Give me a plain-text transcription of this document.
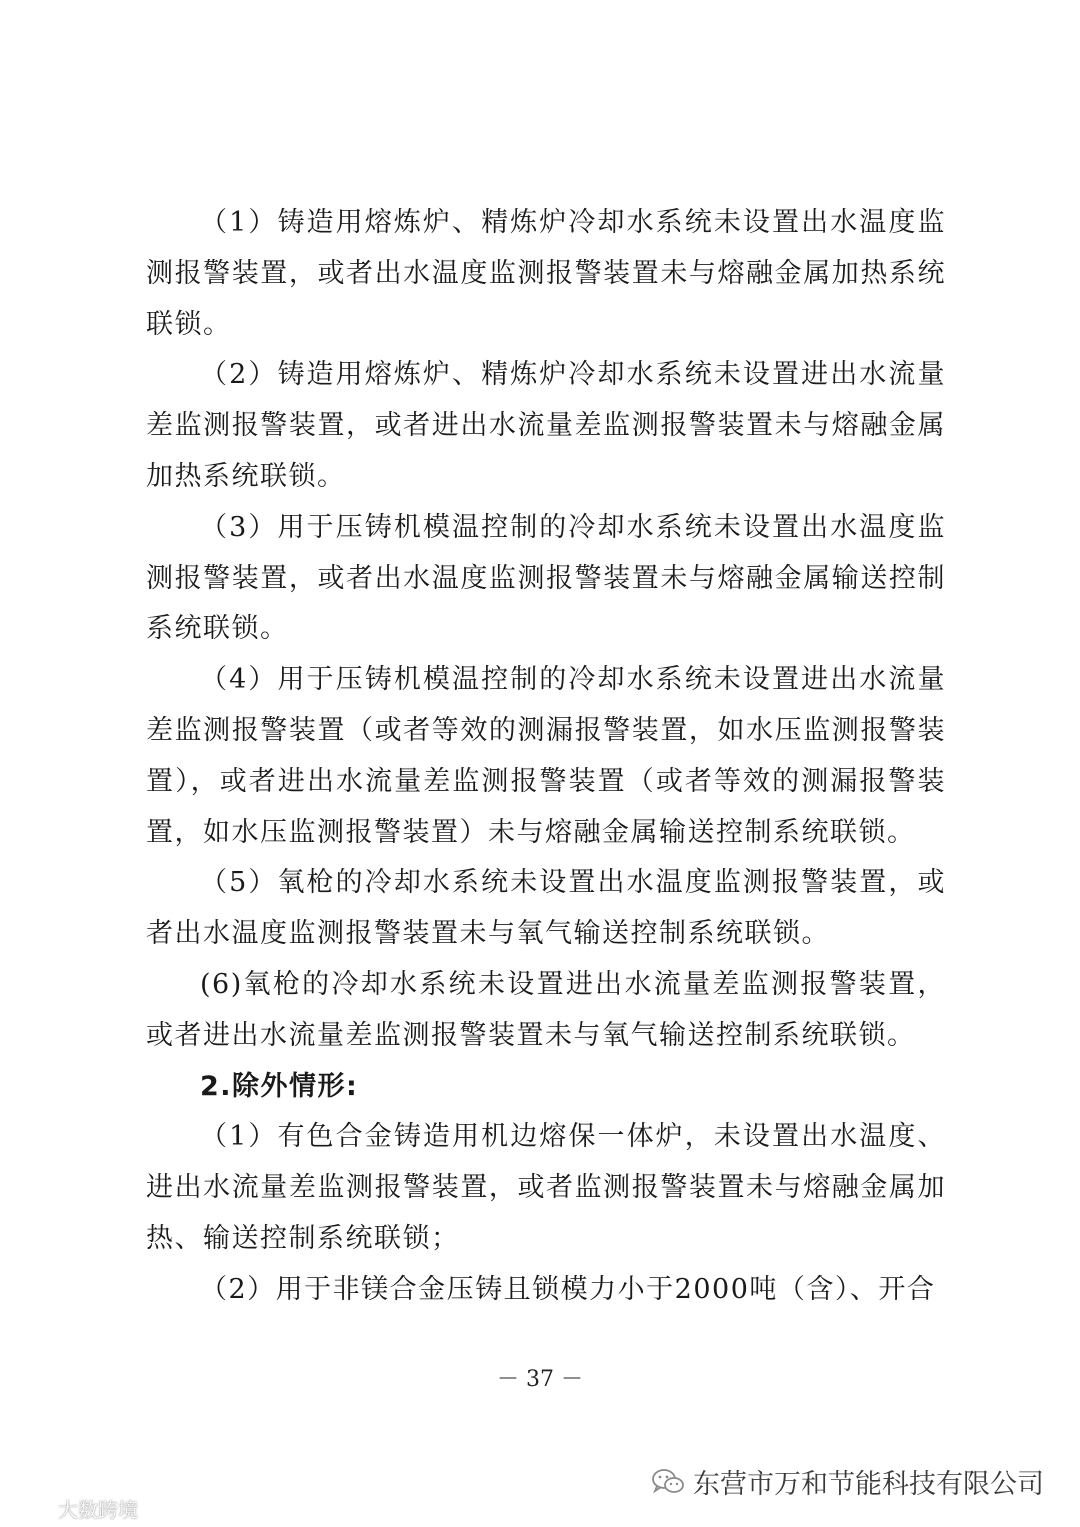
（1）铸造用熔炼炉、精炼炉冷却水系统未设置出水温度监测报警装置，或者出水温度监测报警装置未与熔融金属加热系统联锁。

（2）铸造用熔炼炉、精炼炉冷却水系统未设置进出水流量差监测报警装置，或者进出水流量差监测报警装置未与熔融金属加热系统联锁。

（3）用于压铸机模温控制的冷却水系统未设置出水温度监测报警装置，或者出水温度监测报警装置未与熔融金属输送控制系统联锁。

（4）用于压铸机模温控制的冷却水系统未设置进出水流量差监测报警装置（或者等效的测漏报警装置，如水压监测报警装置），或者进出水流量差监测报警装置（或者等效的测漏报警装置，如水压监测报警装置）未与熔融金属输送控制系统联锁。

（5）氧枪的冷却水系统未设置出水温度监测报警装置，或者出水温度监测报警装置未与氧气输送控制系统联锁。

(6)氧枪的冷却水系统未设置进出水流量差监测报警装置，或者进出水流量差监测报警装置未与氧气输送控制系统联锁。

2.除外情形:

（1）有色合金铸造用机边熔保一体炉，未设置出水温度、进出水流量差监测报警装置，或者监测报警装置未与熔融金属加热、输送控制系统联锁；

（2）用于非镁合金压铸且锁模力小于2000吨（含）、开合

－ 37 －
东营市万和节能科技有限公司
大数跨境
